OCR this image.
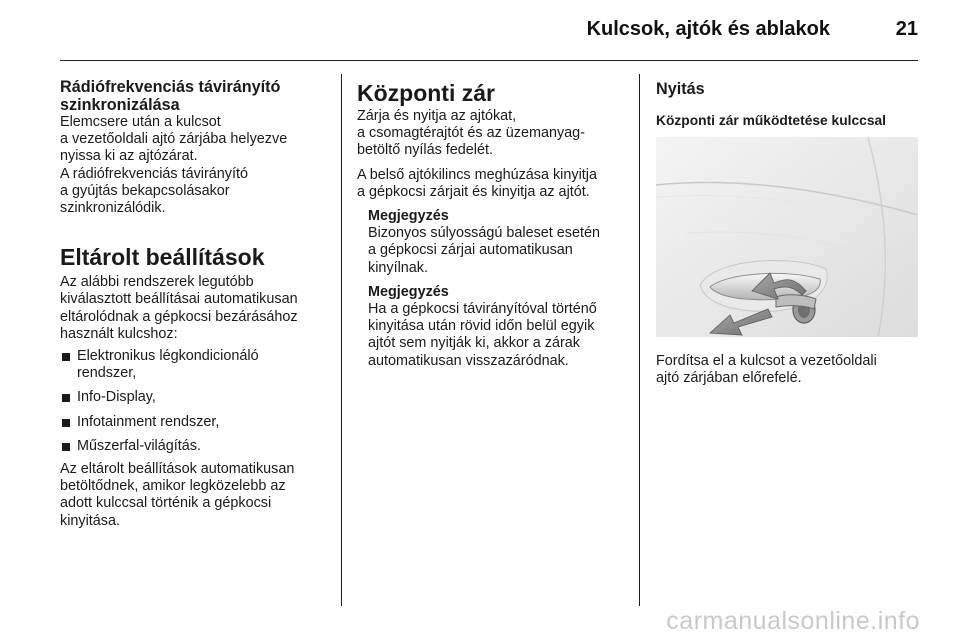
Kulcsok, ajtók és ablakok	21
Rádiófrekvenciás távirányító
szinkronizálása

Elemcsere után a kulcsot
a vezetőoldali ajtó zárjába helyezve
nyissa ki az ajtózárat.
A rádiófrekvenciás távirányító
a gyújtás bekapcsolásakor
szinkronizálódik.

Eltárolt beállítások

Az alábbi rendszerek legutóbb
kiválasztott beállításai automatikusan
eltárolódnak a gépkocsi bezárásához
használt kulcshoz:

Elektronikus légkondicionáló
rendszer,
Info-Display,
Infotainment rendszer,
Műszerfal-világítás.

Az eltárolt beállítások automatikusan
betöltődnek, amikor legközelebb az
adott kulccsal történik a gépkocsi
kinyitása.

Központi zár

Zárja és nyitja az ajtókat,
a csomagtérajtót és az üzemanyag-
betöltő nyílás fedelét.

A belső ajtókilincs meghúzása kinyitja
a gépkocsi zárjait és kinyitja az ajtót.

Megjegyzés

Bizonyos súlyosságú baleset esetén
a gépkocsi zárjai automatikusan
kinyílnak.

Megjegyzés

Ha a gépkocsi távirányítóval történő
kinyitása után rövid időn belül egyik
ajtót sem nyitják ki, akkor a zárak
automatikusan visszazáródnak.

Nyitás
Központi zár működtetése kulccsal

Fordítsa el a kulcsot a vezetőoldali
ajtó zárjában előrefelé.

carmanualsonline.info
